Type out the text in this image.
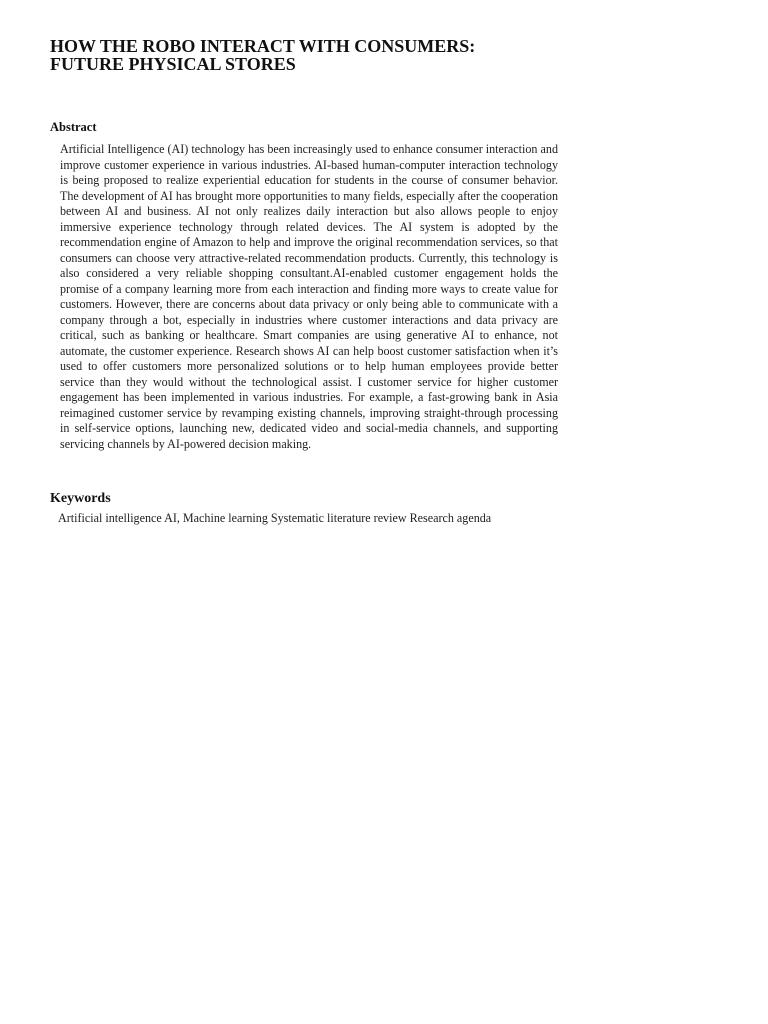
HOW THE ROBO INTERACT WITH CONSUMERS:
FUTURE PHYSICAL STORES
Abstract

Artificial Intelligence (AI) technology has been increasingly used to enhance consumer interaction and improve customer experience in various industries. AI-based human-computer interaction technology is being proposed to realize experiential education for students in the course of consumer behavior. The development of AI has brought more opportunities to many fields, especially after the cooperation between AI and business. AI not only realizes daily interaction but also allows people to enjoy immersive experience technology through related devices. The AI system is adopted by the recommendation engine of Amazon to help and improve the original recommendation services, so that consumers can choose very attractive-related recommendation products. Currently, this technology is also considered a very reliable shopping consultant.AI-enabled customer engagement holds the promise of a company learning more from each interaction and finding more ways to create value for customers. However, there are concerns about data privacy or only being able to communicate with a company through a bot, especially in industries where customer interactions and data privacy are critical, such as banking or healthcare. Smart companies are using generative AI to enhance, not automate, the customer experience. Research shows AI can help boost customer satisfaction when it’s used to offer customers more personalized solutions or to help human employees provide better service than they would without the technological assist. I customer service for higher customer engagement has been implemented in various industries. For example, a fast-growing bank in Asia reimagined customer service by revamping existing channels, improving straight-through processing in self-service options, launching new, dedicated video and social-media channels, and supporting servicing channels by AI-powered decision making.

Keywords

Artificial intelligence AI, Machine learning Systematic literature review Research agenda
